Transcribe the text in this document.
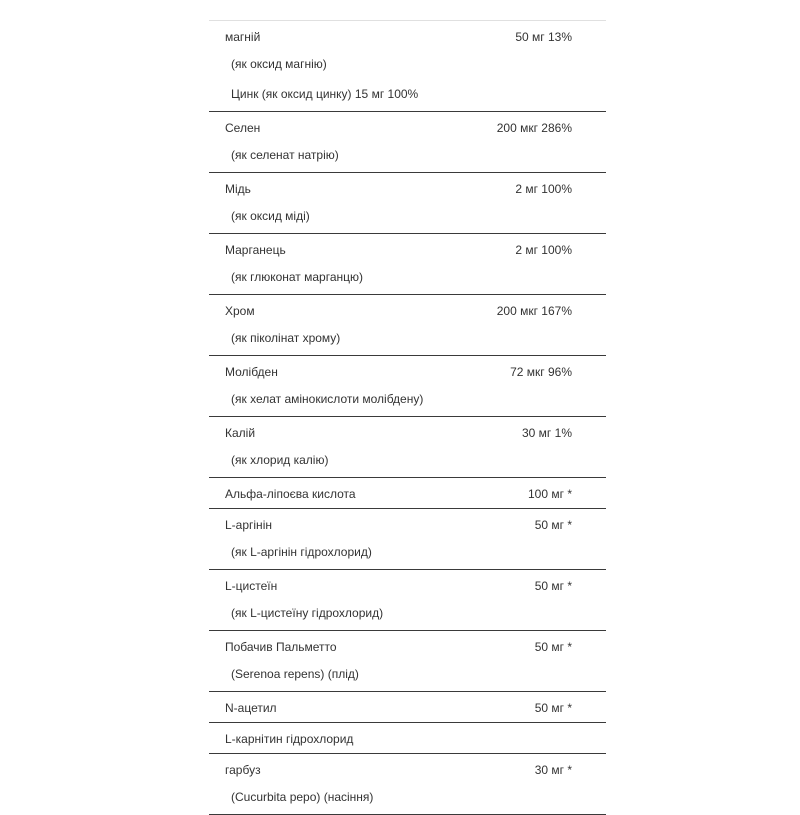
магній	50 мг 13%
(як оксид магнію)
Цинк (як оксид цинку) 15 мг 100%
Селен	200 мкг 286%
(як селенат натрію)
Мідь	2 мг 100%
(як оксид міді)
Марганець	2 мг 100%
(як глюконат марганцю)
Хром	200 мкг 167%
(як піколінат хрому)
Молібден	72 мкг 96%
(як хелат амінокислоти молібдену)
Калій	30 мг 1%
(як хлорид калію)
Альфа-ліпоєва кислота	100 мг *
L-аргінін	50 мг *
(як L-аргінін гідрохлорид)
L-цистеїн	50 мг *
(як L-цистеїну гідрохлорид)
Побачив Пальметто	50 мг *
(Serenoa repens) (плід)
N-ацетил	50 мг *
L-карнітин гідрохлорид
гарбуз	30 мг *
(Cucurbita pepo) (насіння)
